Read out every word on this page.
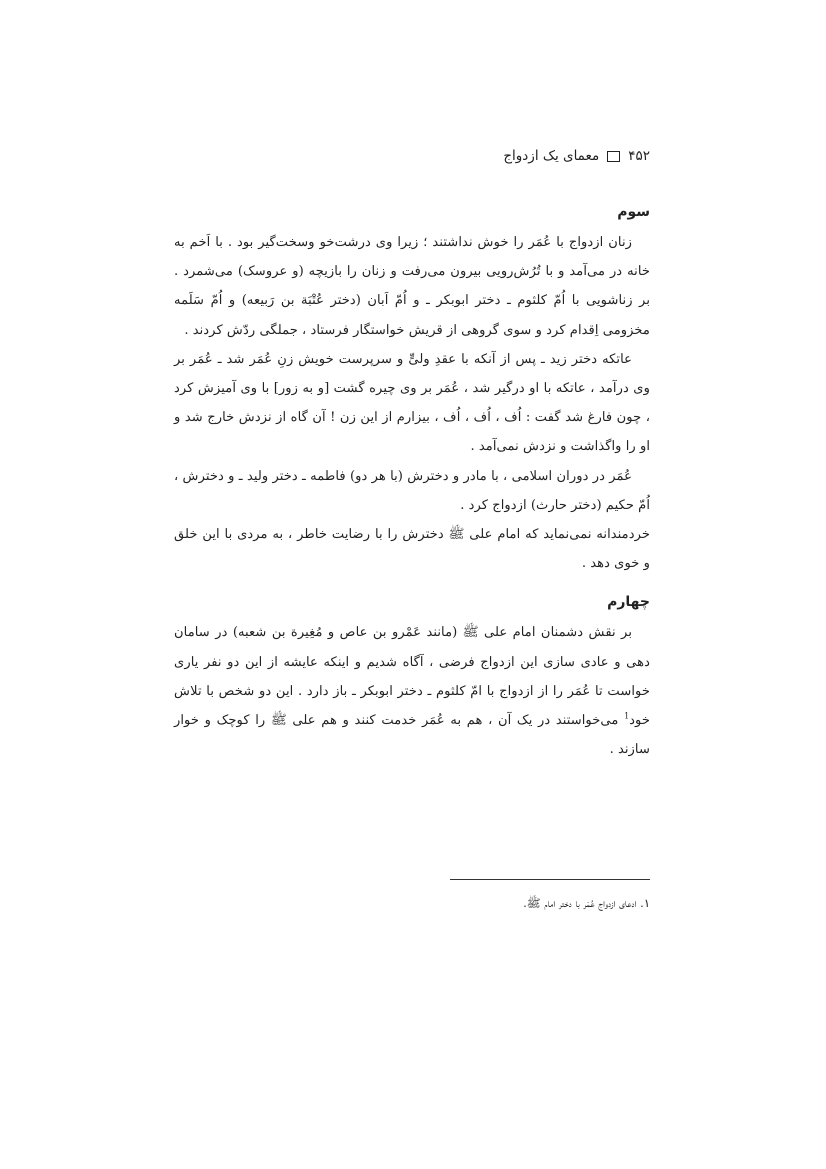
۴۵۲
معمای یک ازدواج
سوم

زنان ازدواج با عُمَر را خوش نداشتند ؛ زیرا وی درشت‌خو وسخت‌گیر بود . با اَخم به خانه در می‌آمد و با تُرُش‌رویی بیرون می‌رفت و زنان را بازیچه (و عروسک) می‌شمرد . بر زناشویی با اُمّ کلثوم ـ دختر ابوبکر ـ و اُمّ اَبان (دختر عُتْبَة بن رَبیعه) و اُمّ سَلَمه مخزومی اِقدام کرد و سوی گروهی از قریش خواستگار فرستاد ، جملگی ردّش کردند .

عاتکه دختر زید ـ پس از آنکه با عقدِ ولیٍّ و سرپرست خویش زنِ عُمَر شد ـ عُمَر بر وی درآمد ، عاتکه با او درگیر شد ، عُمَر بر وی چیره گشت [و به زور] با وی آمیزش کرد ، چون فارغ شد گفت : اُف ، اُف ، اُف ، بیزارم از این زن ! آن گاه از نزدش خارج شد و او را واگذاشت و نزدش نمی‌آمد .

عُمَر در دوران اسلامی ، با مادر و دخترش (با هر دو) فاطمه ـ دختر ولید ـ و دخترش ، اُمّ حکیم (دختر حارث) ازدواج کرد .

خردمندانه نمی‌نماید که امام علی ﷺ دخترش را با رضایت خاطر ، به مردی با این خلق و خوی دهد .

چهارم

بر نقش دشمنان امام علی ﷺ (مانند عَمْرو بن عاص و مُغِیرة بن شعبه) در سامان دهی و عادی سازی این ازدواج فرضی ، آگاه شدیم و اینکه عایشه از این دو نفر یاری خواست تا عُمَر را از ازدواج با امّ کلثوم ـ دختر ابوبکر ـ باز دارد . این دو شخص با تلاش خود$^1$ می‌خواستند در یک آن ، هم به عُمَر خدمت کنند و هم علی ﷺ را کوچک و خوار سازند .

۱. ادعای ازدواج عُمَر با دختر امام ﷺ.
